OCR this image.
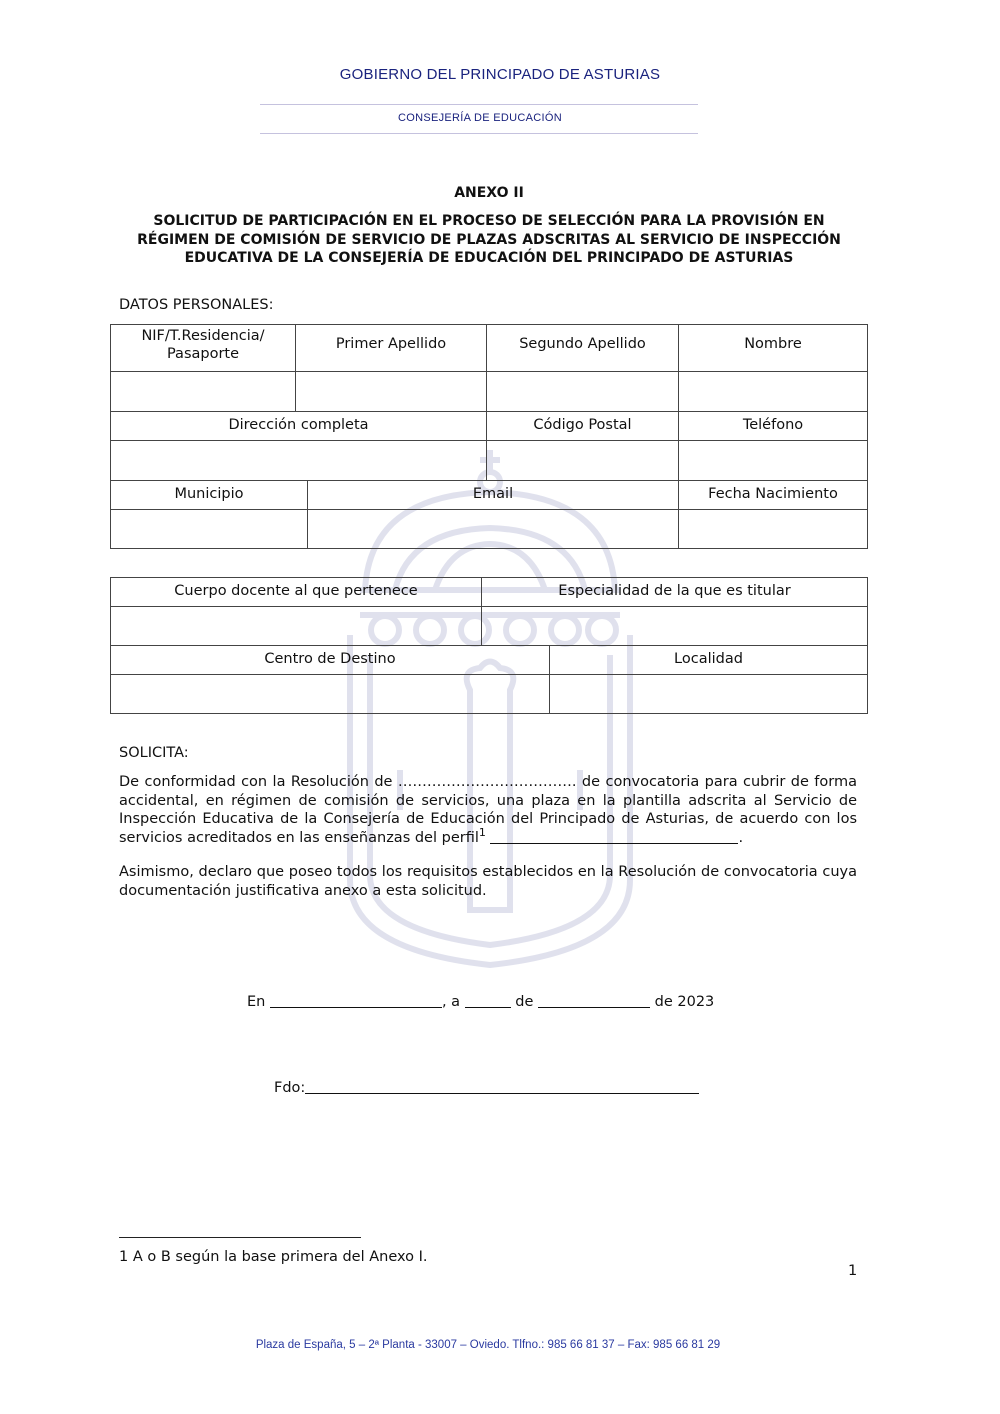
GOBIERNO DEL PRINCIPADO DE ASTURIAS
CONSEJERÍA DE EDUCACIÓN
ANEXO II
SOLICITUD DE PARTICIPACIÓN EN EL PROCESO DE SELECCIÓN PARA LA PROVISIÓN EN RÉGIMEN DE COMISIÓN DE SERVICIO DE PLAZAS ADSCRITAS AL SERVICIO DE INSPECCIÓN EDUCATIVA DE LA CONSEJERÍA DE EDUCACIÓN DEL PRINCIPADO DE ASTURIAS
DATOS PERSONALES:
NIF/T.Residencia/ Pasaporte	Primer Apellido		Segundo Apellido	Nombre

Dirección completa			Código Postal	Teléfono

Municipio		Email		Fecha Nacimiento

Cuerpo docente al que pertenece	Especialidad de la que es titular	

Centro de Destino		Localidad

SOLICITA:
De conformidad con la Resolución de ………………………………. de convocatoria para cubrir de forma accidental, en régimen de comisión de servicios, una plaza en la plantilla adscrita al Servicio de Inspección Educativa de la Consejería de Educación del Principado de Asturias, de acuerdo con los servicios acreditados en las enseñanzas del perfil$^1$	.
Asimismo, declaro que poseo todos los requisitos establecidos en la Resolución de convocatoria cuya documentación justificativa anexo a esta solicitud.
En	, a	de	de 2023
Fdo:
1 A o B según la base primera del Anexo I.
1
Plaza de España, 5 – 2ª Planta - 33007 – Oviedo. Tlfno.: 985 66 81 37 – Fax: 985 66 81 29
